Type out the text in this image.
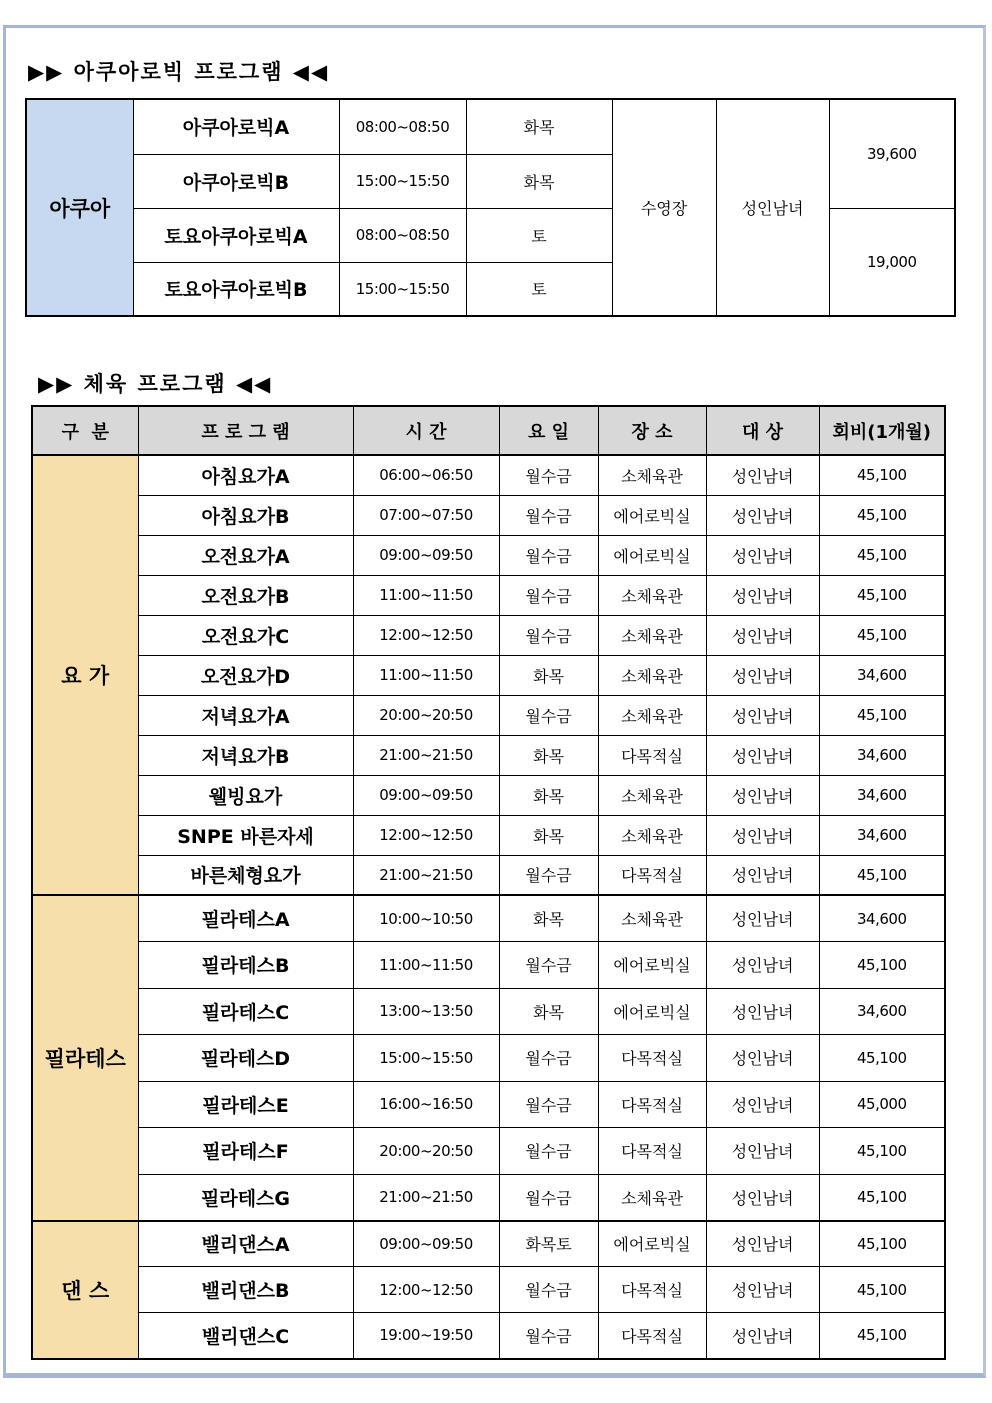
▶▶ 아쿠아로빅 프로그램 ◀◀
아쿠아	아쿠아로빅A	08:00~08:50	화목	수영장	성인남녀	39,600
	아쿠아로빅B	15:00~15:50	화목			
	토요아쿠아로빅A	08:00~08:50	토			19,000
	토요아쿠아로빅B	15:00~15:50	토			
▶▶ 체육 프로그램 ◀◀
구  분	프 로 그 램	시 간	요 일	장 소	대 상	회비(1개월)
요 가	아침요가A	06:00~06:50	월수금	소체육관	성인남녀	45,100
	아침요가B	07:00~07:50	월수금	에어로빅실	성인남녀	45,100
	오전요가A	09:00~09:50	월수금	에어로빅실	성인남녀	45,100
	오전요가B	11:00~11:50	월수금	소체육관	성인남녀	45,100
	오전요가C	12:00~12:50	월수금	소체육관	성인남녀	45,100
	오전요가D	11:00~11:50	화목	소체육관	성인남녀	34,600
	저녁요가A	20:00~20:50	월수금	소체육관	성인남녀	45,100
	저녁요가B	21:00~21:50	화목	다목적실	성인남녀	34,600
	웰빙요가	09:00~09:50	화목	소체육관	성인남녀	34,600
	SNPE 바른자세	12:00~12:50	화목	소체육관	성인남녀	34,600
	바른체형요가	21:00~21:50	월수금	다목적실	성인남녀	45,100
필라테스	필라테스A	10:00~10:50	화목	소체육관	성인남녀	34,600
	필라테스B	11:00~11:50	월수금	에어로빅실	성인남녀	45,100
	필라테스C	13:00~13:50	화목	에어로빅실	성인남녀	34,600
	필라테스D	15:00~15:50	월수금	다목적실	성인남녀	45,100
	필라테스E	16:00~16:50	월수금	다목적실	성인남녀	45,000
	필라테스F	20:00~20:50	월수금	다목적실	성인남녀	45,100
	필라테스G	21:00~21:50	월수금	소체육관	성인남녀	45,100
댄 스	밸리댄스A	09:00~09:50	화목토	에어로빅실	성인남녀	45,100
	밸리댄스B	12:00~12:50	월수금	다목적실	성인남녀	45,100
	밸리댄스C	19:00~19:50	월수금	다목적실	성인남녀	45,100
